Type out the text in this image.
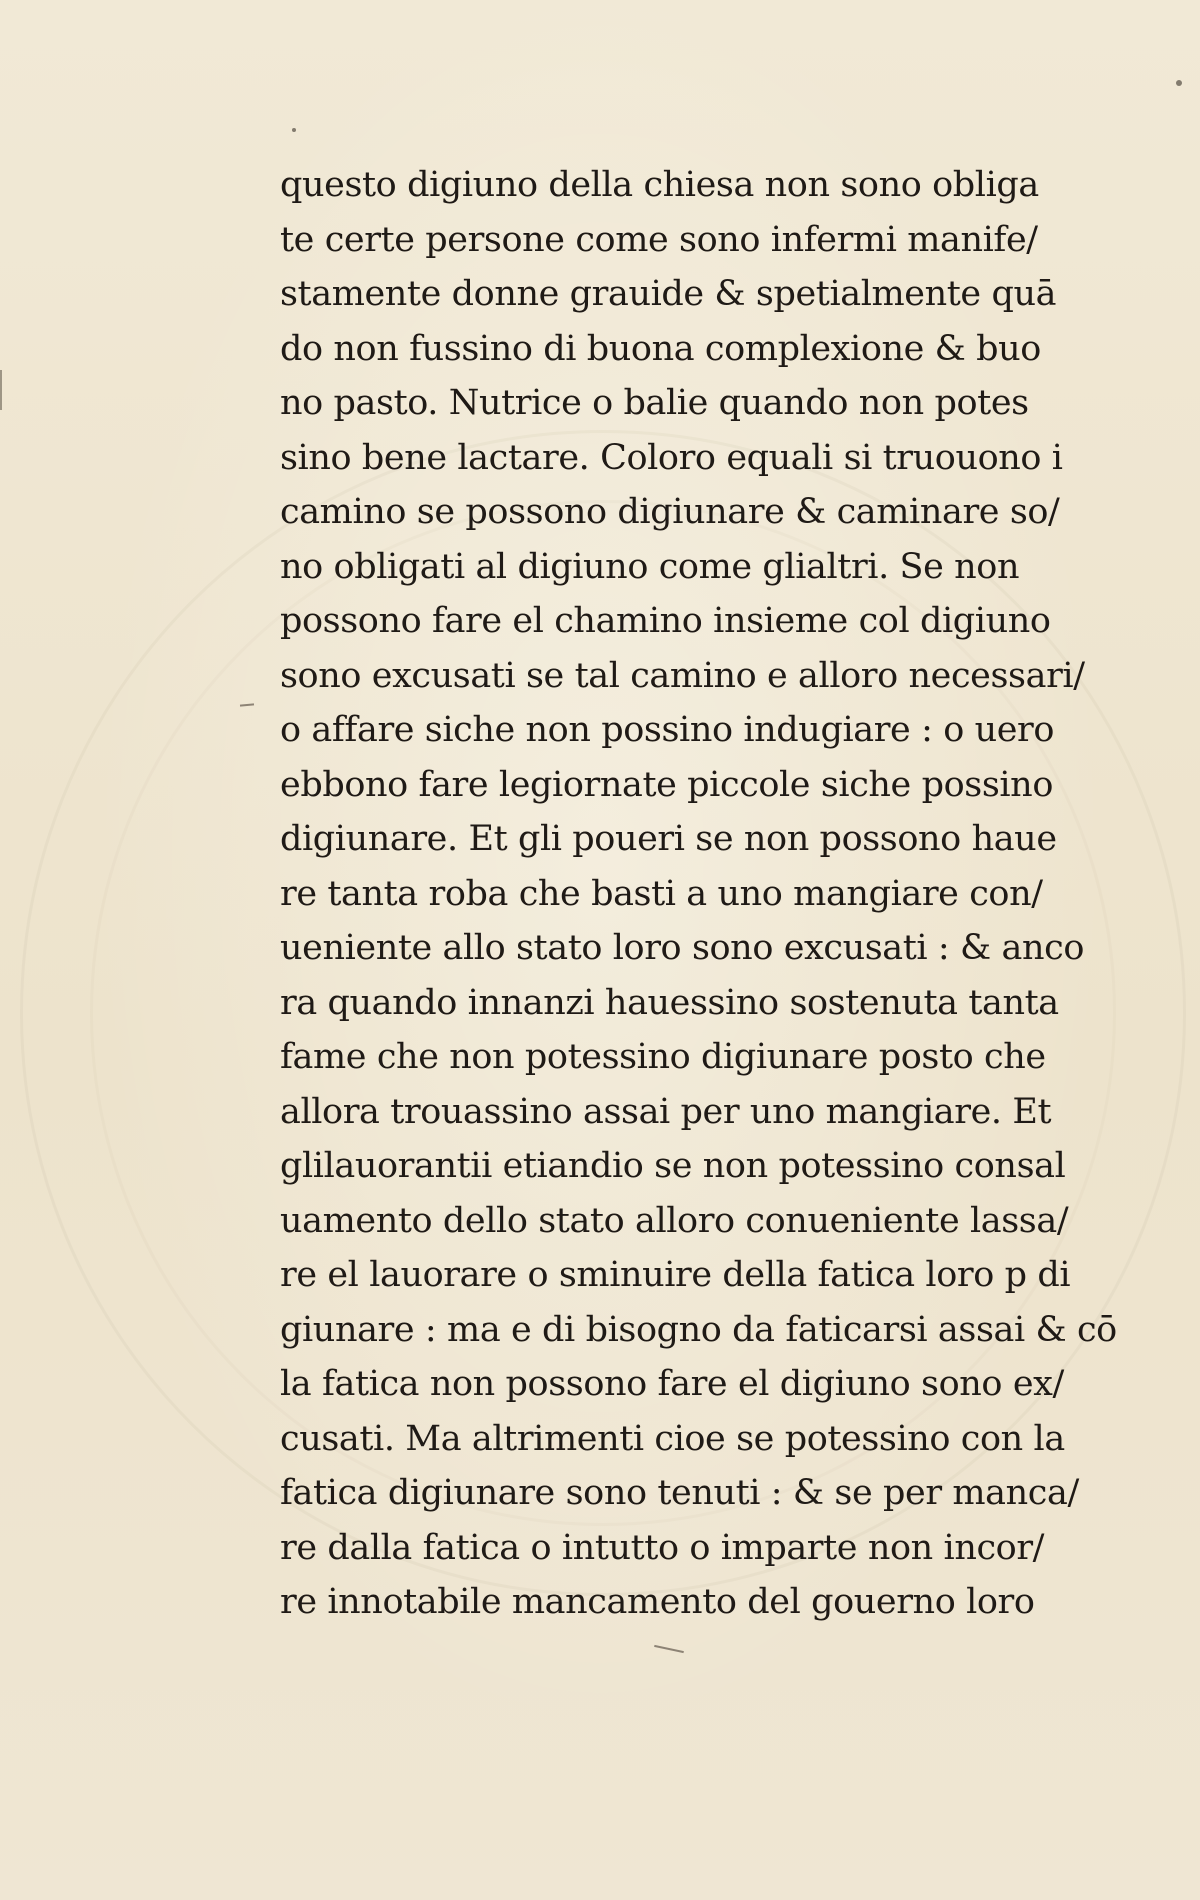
questo digiuno della chiesa non sono obliga
te certe persone come sono infermi manife/
stamente donne grauide & spetialmente quā
do non fussino di buona complexione & buo
no pasto. Nutrice o balie quando non potes
sino bene lactare. Coloro equali si truouono i
camino se possono digiunare & caminare so/
no obligati al digiuno come glialtri. Se non
possono fare el chamino insieme col digiuno
sono excusati se tal camino e alloro necessari/
o affare siche non possino indugiare : o uero
ebbono fare legiornate piccole siche possino
digiunare. Et gli poueri se non possono haue
re tanta roba che basti a uno mangiare con/
ueniente allo stato loro sono excusati : & anco
ra quando innanzi hauessino sostenuta tanta
fame che non potessino digiunare posto che
allora trouassino assai per uno mangiare. Et
glilauorantii etiandio se non potessino consal
uamento dello stato alloro conueniente lassa/
re el lauorare o sminuire della fatica loro p di
giunare : ma e di bisogno da faticarsi assai & cō
la fatica non possono fare el digiuno sono ex/
cusati. Ma altrimenti cioe se potessino con la
fatica digiunare sono tenuti : & se per manca/
re dalla fatica o intutto o imparte non incor/
re innotabile mancamento del gouerno loro
